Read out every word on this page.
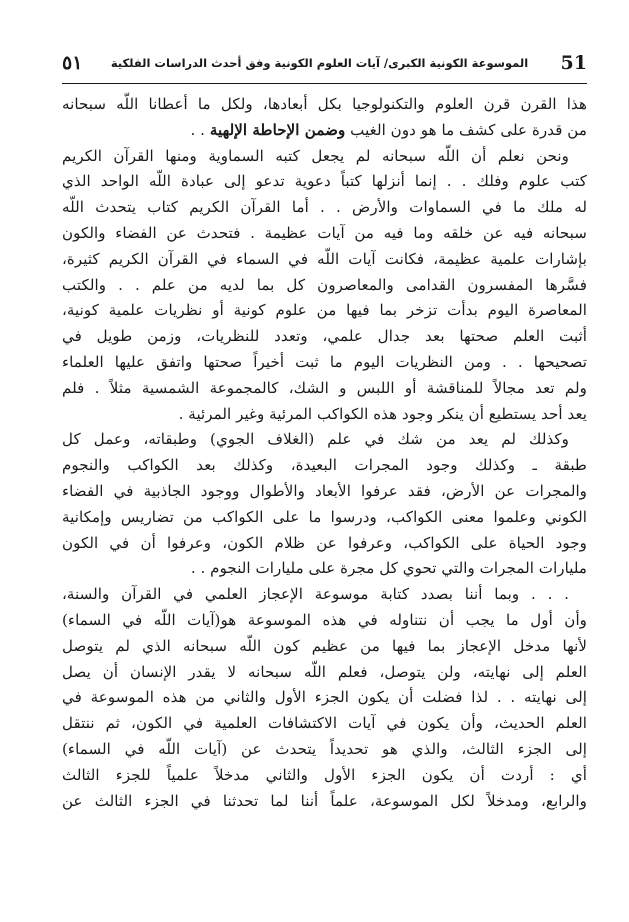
٥١	الموسوعة الكونية الكبرى/ آيات العلوم الكونية وفق أحدث الدراسات الفلكية	51
هذا القرن قرن العلوم والتكنولوجيا بكل أبعادها، ولكل ما أعطانا اللّه سبحانه
من قدرة على كشف ما هو دون الغيب وضمن الإحاطة الإلهية . .
ونحن نعلم أن اللّه سبحانه لم يجعل كتبه السماوية ومنها القرآن الكريم
كتب علوم وفلك . . إنما أنزلها كتباً دعوية تدعو إلى عبادة اللّه الواحد الذي
له ملك ما في السماوات والأرض . . أما القرآن الكريم كتاب يتحدث اللّه
سبحانه فيه عن خلقه وما فيه من آيات عظيمة . فتحدث عن الفضاء والكون
بإشارات علمية عظيمة، فكانت آيات اللّه في السماء في القرآن الكريم كثيرة،
فسَّرها المفسرون القدامى والمعاصرون كل بما لديه من علم . . والكتب
المعاصرة اليوم بدأت تزخر بما فيها من علوم كونية أو نظريات علمية كونية،
أثبت العلم صحتها بعد جدال علمي، وتعدد للنظريات، وزمن طويل في
تصحيحها . . ومن النظريات اليوم ما ثبت أخيراً صحتها واتفق عليها العلماء
ولم تعد مجالاً للمناقشة أو اللبس و الشك، كالمجموعة الشمسية مثلاً . فلم
يعد أحد يستطيع أن ينكر وجود هذه الكواكب المرئية وغير المرئية .
وكذلك لم يعد من شك في علم (الغلاف الجوي) وطبقاته، وعمل كل
طبقة ـ وكذلك وجود المجرات البعيدة، وكذلك بعد الكواكب والنجوم
والمجرات عن الأرض، فقد عرفوا الأبعاد والأطوال ووجود الجاذبية في الفضاء
الكوني وعلموا معنى الكواكب، ودرسوا ما على الكواكب من تضاريس وإمكانية
وجود الحياة على الكواكب، وعرفوا عن ظلام الكون، وعرفوا أن في الكون
مليارات المجرات والتي تحوي كل مجرة على مليارات النجوم . .
. . . وبما أننا بصدد كتابة موسوعة الإعجاز العلمي في القرآن والسنة،
وأن أول ما يجب أن نتناوله في هذه الموسوعة هو(آيات اللّه في السماء)
لأنها مدخل الإعجاز بما فيها من عظيم كون اللّه سبحانه الذي لم يتوصل
العلم إلى نهايته، ولن يتوصل، فعلم اللّه سبحانه لا يقدر الإنسان أن يصل
إلى نهايته . . لذا فضلت أن يكون الجزء الأول والثاني من هذه الموسوعة في
العلم الحديث، وأن يكون في آيات الاكتشافات العلمية في الكون، ثم ننتقل
إلى الجزء الثالث، والذي هو تحديداً يتحدث عن (آيات اللّه في السماء)
أي : أردت أن يكون الجزء الأول والثاني مدخلاً علمياً للجزء الثالث
والرابع، ومدخلاً لكل الموسوعة، علماً أننا لما تحدثنا في الجزء الثالث عن
